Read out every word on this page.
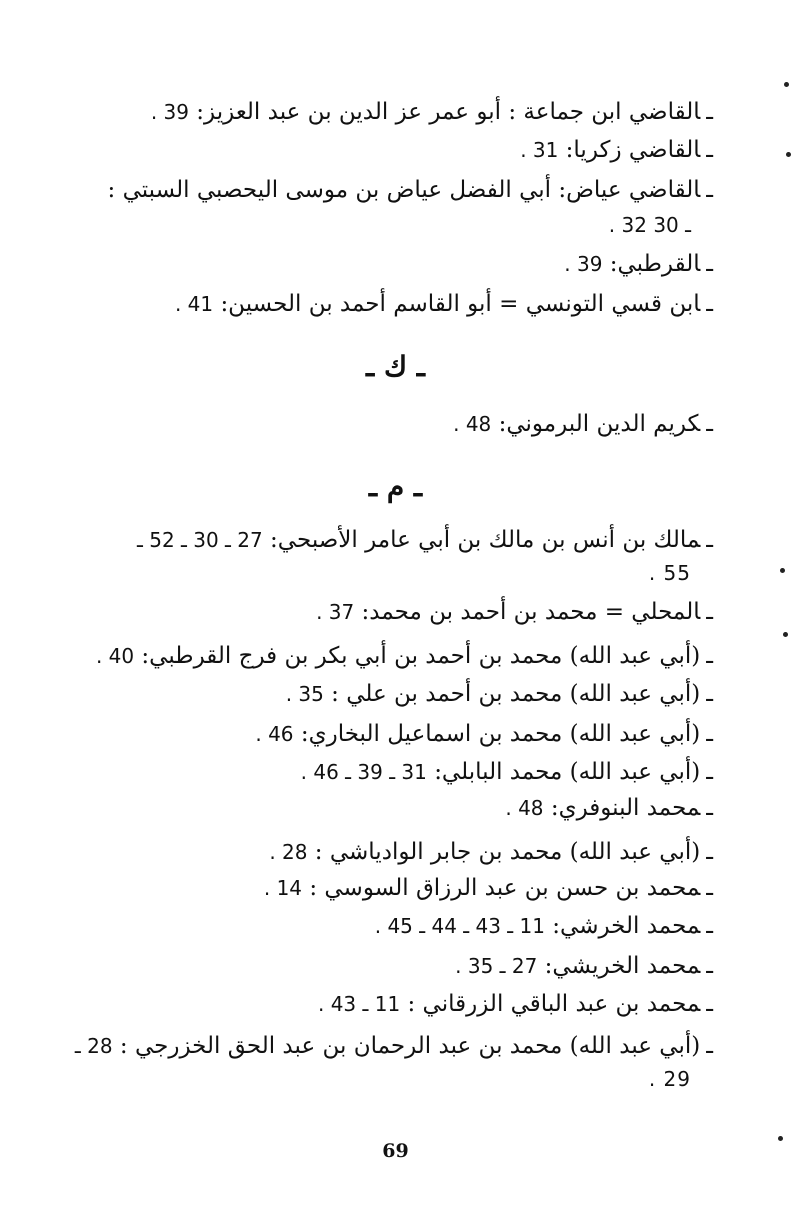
ـالقاضي ابن جماعة : أبو عمر عز الدين بن عبد العزيز: 39 .
ـالقاضي زكريا: 31 .
ـالقاضي عياض: أبي الفضل عياض بن موسى اليحصبي السبتي :
. 32 ـ 30
ـالقرطبي: 39 .
ـابن قسي التونسي = أبو القاسم أحمد بن الحسين: 41 .
ـ ك ـ
ـكريم الدين البرموني: 48 .
ـ م ـ
ـمالك بن أنس بن مالك بن أبي عامر الأصبحي: 27 ـ 30 ـ 52 ـ
. 55
ـالمحلي = محمد بن أحمد بن محمد: 37 .
ـ(أبي عبد الله) محمد بن أحمد بن أبي بكر بن فرج القرطبي: 40 .
ـ(أبي عبد الله) محمد بن أحمد بن علي : 35 .
ـ(أبي عبد الله) محمد بن اسماعيل البخاري: 46 .
ـ(أبي عبد الله) محمد البابلي: 31 ـ 39 ـ 46 .
ـمحمد البنوفري: 48 .
ـ(أبي عبد الله) محمد بن جابر الوادياشي : 28 .
ـمحمد بن حسن بن عبد الرزاق السوسي : 14 .
ـمحمد الخرشي: 11 ـ 43 ـ 44 ـ 45 .
ـمحمد الخريشي: 27 ـ 35 .
ـمحمد بن عبد الباقي الزرقاني : 11 ـ 43 .
ـ(أبي عبد الله) محمد بن عبد الرحمان بن عبد الحق الخزرجي : 28 ـ
. 29
69
